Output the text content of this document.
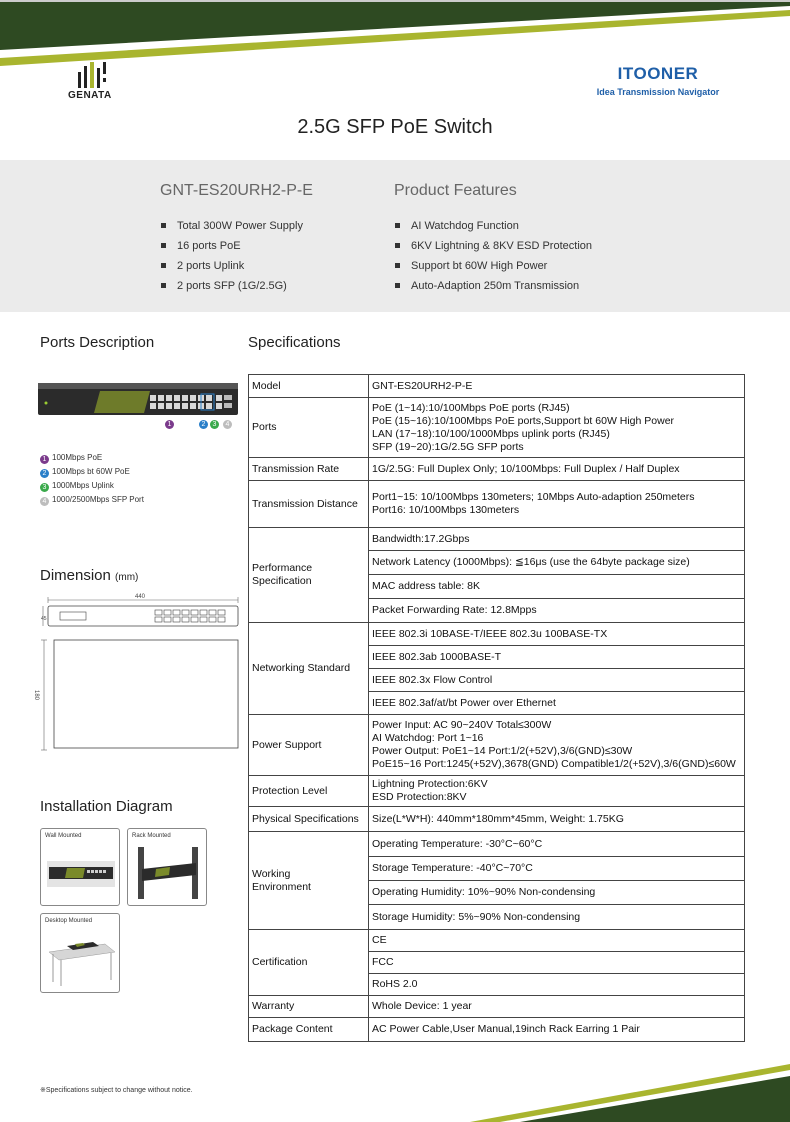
GENATA
ITOONER
Idea Transmission Navigator
2.5G SFP PoE Switch
GNT-ES20URH2-P-E
Total 300W Power Supply
16 ports PoE
2 ports Uplink
2 ports SFP (1G/2.5G)
Product Features
AI Watchdog Function
6KV Lightning & 8KV ESD Protection
Support bt 60W High Power
Auto-Adaption 250m Transmission
Ports Description	Specifications
1	2	3	4
1 100Mbps PoE
2 100Mbps bt 60W PoE
3 1000Mbps Uplink
4 1000/2500Mbps SFP Port
Dimension (mm)
440
45
180
Installation Diagram
Wall Mounted	Rack Mounted
Desktop Mounted
Model	GNT-ES20URH2-P-E
Ports	PoE (1~14):10/100Mbps PoE ports (RJ45)
PoE (15~16):10/100Mbps PoE ports,Support bt 60W High Power
LAN (17~18):10/100/1000Mbps uplink ports (RJ45)
SFP (19~20):1G/2.5G SFP ports
Transmission Rate	1G/2.5G: Full Duplex Only; 10/100Mbps: Full Duplex / Half Duplex
Transmission Distance	Port1~15: 10/100Mbps 130meters; 10Mbps Auto-adaption 250meters
Port16: 10/100Mbps 130meters
Performance
Specification	Bandwidth:17.2Gbps
	Network Latency (1000Mbps): ≦16μs (use the 64byte package size)
	MAC address table: 8K
	Packet Forwarding Rate: 12.8Mpps
Networking Standard	IEEE 802.3i 10BASE-T/IEEE 802.3u 100BASE-TX
	IEEE 802.3ab 1000BASE-T
	IEEE 802.3x Flow Control
	IEEE 802.3af/at/bt Power over Ethernet
Power Support	Power Input: AC 90~240V Total≤300W
AI Watchdog: Port 1~16
Power Output: PoE1~14 Port:1/2(+52V),3/6(GND)≤30W
PoE15~16 Port:1245(+52V),3678(GND) Compatible1/2(+52V),3/6(GND)≤60W
Protection Level	Lightning Protection:6KV
ESD Protection:8KV
Physical Specifications	Size(L*W*H): 440mm*180mm*45mm, Weight: 1.75KG
Working
Environment	Operating Temperature: -30°C~60°C
	Storage Temperature: -40°C~70°C
	Operating Humidity: 10%~90% Non-condensing
	Storage Humidity: 5%~90% Non-condensing
Certification	CE
	FCC
	RoHS 2.0
Warranty	Whole Device: 1 year
Package Content	AC Power Cable,User Manual,19inch Rack Earring 1 Pair
※Specifications subject to change without notice.
